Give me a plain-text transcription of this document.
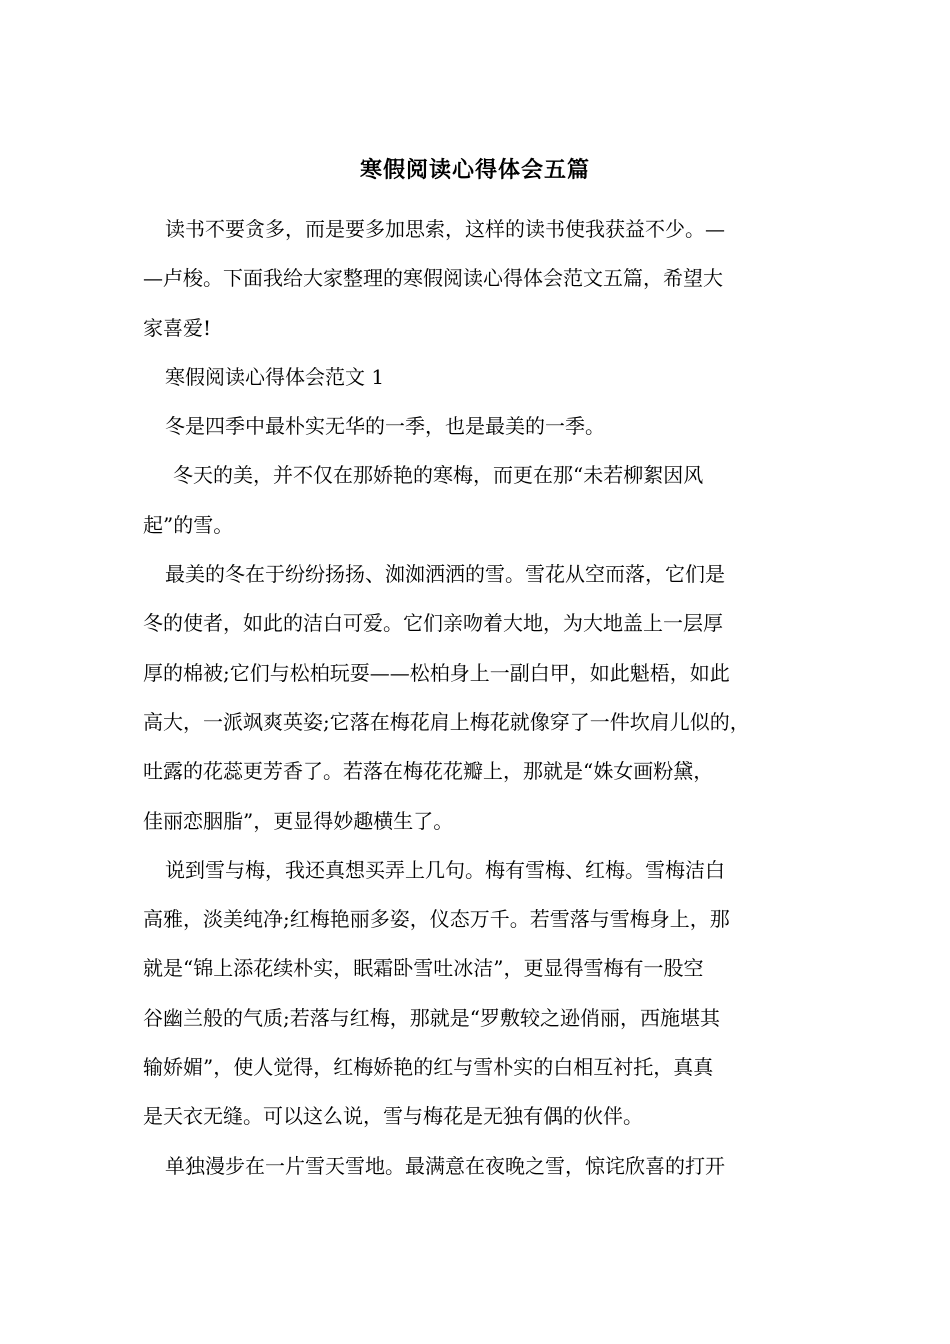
寒假阅读心得体会五篇
读书不要贪多，而是要多加思索，这样的读书使我获益不少。—
—卢梭。下面我给大家整理的寒假阅读心得体会范文五篇，希望大
家喜爱!
寒假阅读心得体会范文 1
冬是四季中最朴实无华的一季，也是最美的一季。
冬天的美，并不仅在那娇艳的寒梅，而更在那“未若柳絮因风
起”的雪。
最美的冬在于纷纷扬扬、洳洳洒洒的雪。雪花从空而落，它们是
冬的使者，如此的洁白可爱。它们亲吻着大地，为大地盖上一层厚
厚的棉被;它们与松柏玩耍——松柏身上一副白甲，如此魁梧，如此
高大，一派飒爽英姿;它落在梅花肩上梅花就像穿了一件坎肩儿似的，
吐露的花蕊更芳香了。若落在梅花花瓣上，那就是“姝女画粉黛，
佳丽恋胭脂”，更显得妙趣横生了。
说到雪与梅，我还真想买弄上几句。梅有雪梅、红梅。雪梅洁白
高雅，淡美纯净;红梅艳丽多姿，仪态万千。若雪落与雪梅身上，那
就是“锦上添花续朴实，眠霜卧雪吐冰洁”，更显得雪梅有一股空
谷幽兰般的气质;若落与红梅，那就是“罗敷较之逊俏丽，西施堪其
输娇媚”，使人觉得，红梅娇艳的红与雪朴实的白相互衬托，真真
是天衣无缝。可以这么说，雪与梅花是无独有偶的伙伴。
单独漫步在一片雪天雪地。最满意在夜晚之雪，惊诧欣喜的打开
